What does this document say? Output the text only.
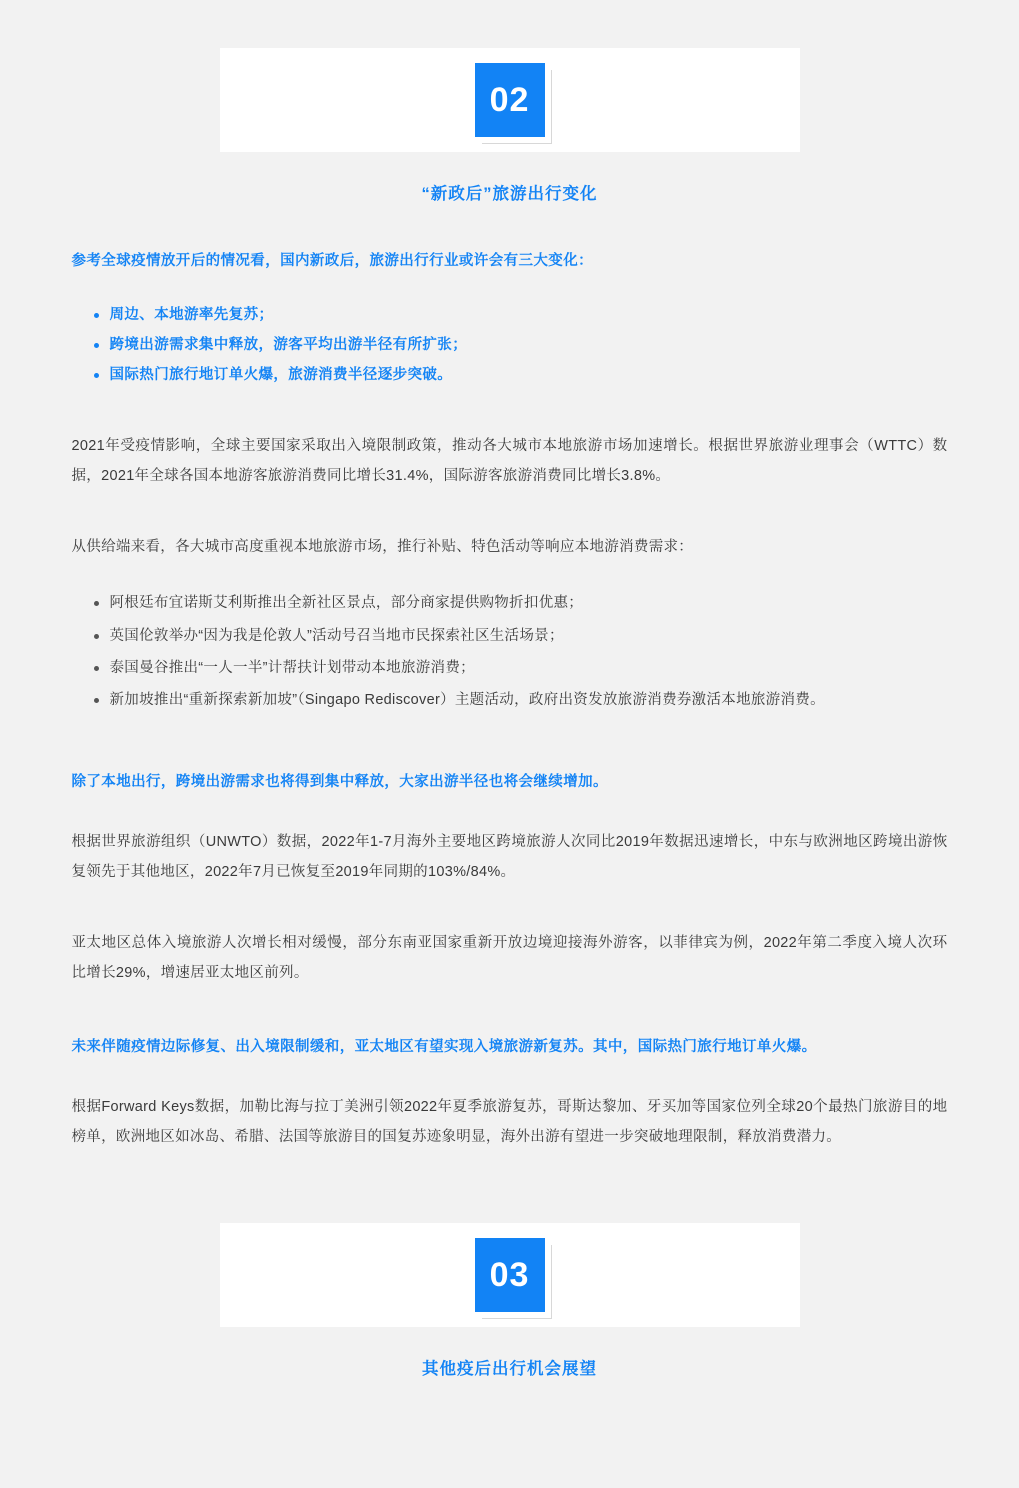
02
“新政后”旅游出行变化

参考全球疫情放开后的情况看，国内新政后，旅游出行行业或许会有三大变化：

周边、本地游率先复苏；
跨境出游需求集中释放，游客平均出游半径有所扩张；
国际热门旅行地订单火爆，旅游消费半径逐步突破。

2021年受疫情影响，全球主要国家采取出入境限制政策，推动各大城市本地旅游市场加速增长。根据世界旅游业理事会（WTTC）数据，2021年全球各国本地游客旅游消费同比增长31.4%，国际游客旅游消费同比增长3.8%。

从供给端来看，各大城市高度重视本地旅游市场，推行补贴、特色活动等响应本地游消费需求：

阿根廷布宜诺斯艾利斯推出全新社区景点，部分商家提供购物折扣优惠；
英国伦敦举办“因为我是伦敦人”活动号召当地市民探索社区生活场景；
泰国曼谷推出“一人一半”计帮扶计划带动本地旅游消费；
新加坡推出“重新探索新加坡”（Singapo Rediscover）主题活动，政府出资发放旅游消费券激活本地旅游消费。

除了本地出行，跨境出游需求也将得到集中释放，大家出游半径也将会继续增加。

根据世界旅游组织（UNWTO）数据，2022年1-7月海外主要地区跨境旅游人次同比2019年数据迅速增长，中东与欧洲地区跨境出游恢复领先于其他地区，2022年7月已恢复至2019年同期的103%/84%。

亚太地区总体入境旅游人次增长相对缓慢，部分东南亚国家重新开放边境迎接海外游客，以菲律宾为例，2022年第二季度入境人次环比增长29%，增速居亚太地区前列。

未来伴随疫情边际修复、出入境限制缓和，亚太地区有望实现入境旅游新复苏。其中，国际热门旅行地订单火爆。

根据Forward Keys数据，加勒比海与拉丁美洲引领2022年夏季旅游复苏，哥斯达黎加、牙买加等国家位列全球20个最热门旅游目的地榜单，欧洲地区如冰岛、希腊、法国等旅游目的国复苏迹象明显，海外出游有望进一步突破地理限制，释放消费潜力。

03
其他疫后出行机会展望
